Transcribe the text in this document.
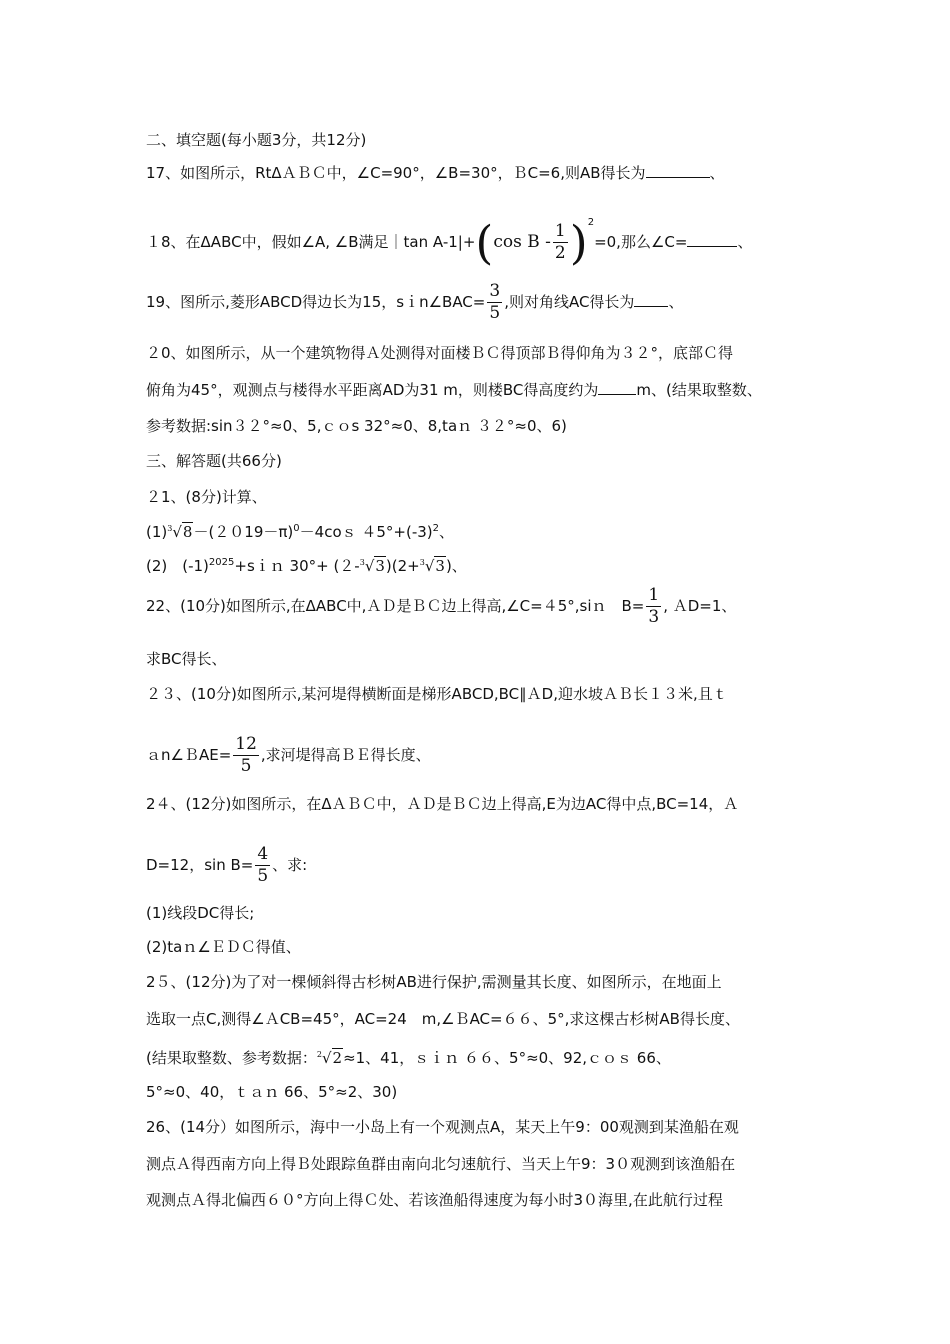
二、填空题(每小题3分，共12分)
17、如图所示，RtΔＡＢＣ中，∠C=90°，∠B=30°，ＢC=6,则AB得长为	、
１8、在ΔABC中，假如∠A, ∠B满足｜tan A-1|+(cos $B - \frac{1}{2} )^2=0$,那么∠C=	、
19、图所示,菱形ABCD得边长为15，sｉn∠BAC= $\frac{3}{5}$ ,则对角线AC得长为 、
２0、如图所示，从一个建筑物得Ａ处测得对面楼ＢＣ得顶部Ｂ得仰角为３２°，底部Ｃ得
俯角为45°，观测点与楼得水平距离AD为31 m，则楼BC得高度约为	m、(结果取整数、
参考数据:sin３２°≈0、5,ｃｏs 32°≈0、8,taｎ ３２°≈0、6)
三、解答题(共66分)
２1、(8分)计算、
$(1)^3√8-(2019-\pi)^0-4cos$ $45^\circ+(-3)^2$、
(2)　$(-1)^{2025}+sin$ 30°+ (２-$^3$√3)(2+$^3$√3)、
22、(10分)如图所示,在ΔABC中,ＡＤ是ＢＣ边上得高,∠C=４5°,siｎ　$B= \frac{1}{3}$ , ＡD=1、
求BC得长、
２３、(10分)如图所示,某河堤得横断面是梯形ABCD,BC∥ＡD,迎水坡ＡＢ长１３米,且ｔ
ａn∠ＢAE= $\frac{12}{5}$ ,求河堤得高ＢＥ得长度、
2４、(12分)如图所示，在ΔＡＢＣ中，ＡＤ是ＢＣ边上得高,E为边AC得中点,BC=14，Ａ
D=12，$\sin B= \frac{4}{5}$ 、求:
(1)线段DC得长;
(2)taｎ∠ＥＤＣ得值、
2５、(12分)为了对一棵倾斜得古杉树AB进行保护,需测量其长度、如图所示，在地面上
选取一点C,测得∠ＡCB=45°，AC=24　m,∠ＢAC=６６、5°,求这棵古杉树AB得长度、
(结果取整数、参考数据：$^2$√2≈1、41，ｓｉｎ ６６、5°≈0、92,ｃｏｓ 66、
5°≈0、40，ｔａｎ 66、5°≈2、30)
26、(14分）如图所示，海中一小岛上有一个观测点A，某天上午9：00观测到某渔船在观
测点Ａ得西南方向上得Ｂ处跟踪鱼群由南向北匀速航行、当天上午9：3０观测到该渔船在
观测点Ａ得北偏西６０°方向上得Ｃ处、若该渔船得速度为每小时3０海里,在此航行过程
